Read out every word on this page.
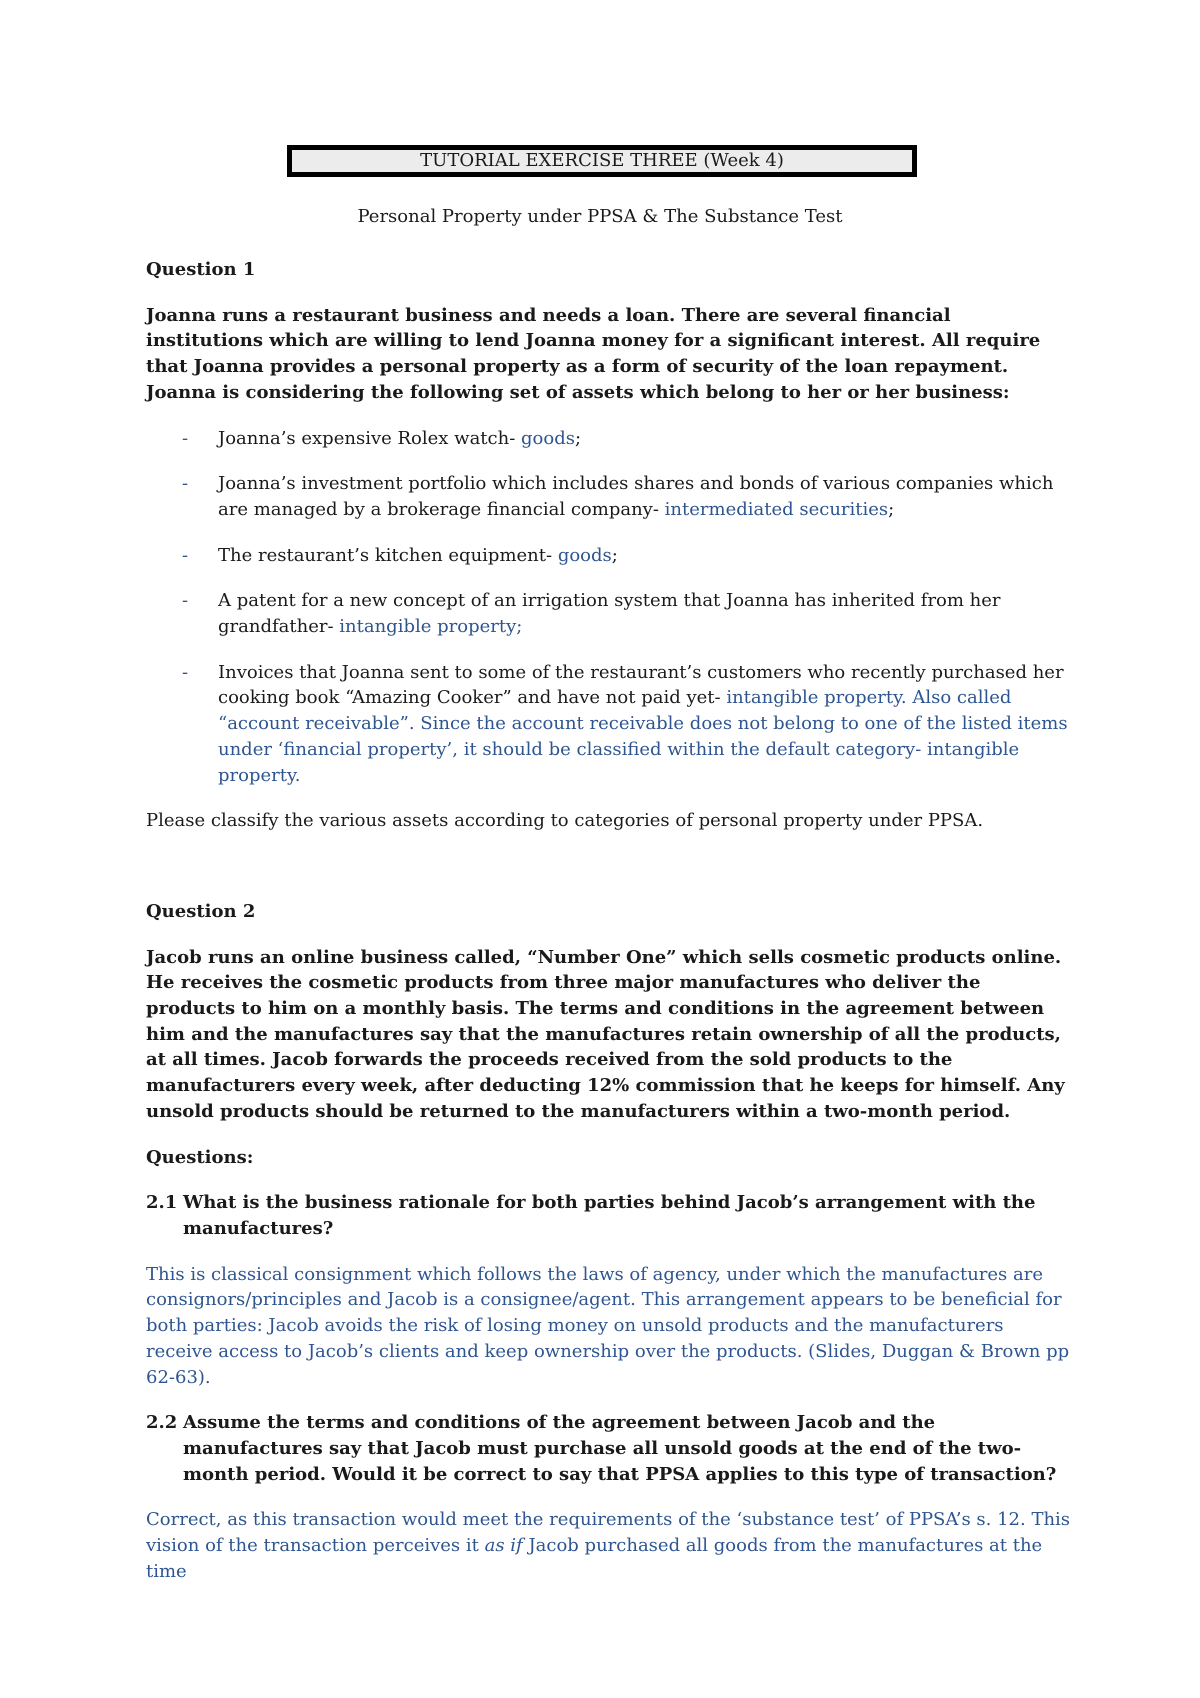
TUTORIAL EXERCISE THREE (Week 4)
Personal Property under PPSA & The Substance Test

Question 1

Joanna runs a restaurant business and needs a loan. There are several financial institutions which are willing to lend Joanna money for a significant interest. All require that Joanna provides a personal property as a form of security of the loan repayment. Joanna is considering the following set of assets which belong to her or her business:

- Joanna’s expensive Rolex watch- goods;
- Joanna’s investment portfolio which includes shares and bonds of various companies which are managed by a brokerage financial company- intermediated securities;
- The restaurant’s kitchen equipment- goods;
- A patent for a new concept of an irrigation system that Joanna has inherited from her grandfather- intangible property;
- Invoices that Joanna sent to some of the restaurant’s customers who recently purchased her cooking book “Amazing Cooker” and have not paid yet- intangible property. Also called “account receivable”. Since the account receivable does not belong to one of the listed items under ‘financial property’, it should be classified within the default category- intangible property.

Please classify the various assets according to categories of personal property under PPSA.

Question 2

Jacob runs an online business called, “Number One” which sells cosmetic products online. He receives the cosmetic products from three major manufactures who deliver the products to him on a monthly basis. The terms and conditions in the agreement between him and the manufactures say that the manufactures retain ownership of all the products, at all times. Jacob forwards the proceeds received from the sold products to the manufacturers every week, after deducting 12% commission that he keeps for himself. Any unsold products should be returned to the manufacturers within a two-month period.

Questions:

2.1 What is the business rationale for both parties behind Jacob’s arrangement with the manufactures?

This is classical consignment which follows the laws of agency, under which the manufactures are consignors/principles and Jacob is a consignee/agent. This arrangement appears to be beneficial for both parties: Jacob avoids the risk of losing money on unsold products and the manufacturers receive access to Jacob’s clients and keep ownership over the products. (Slides, Duggan & Brown pp 62-63).

2.2 Assume the terms and conditions of the agreement between Jacob and the manufactures say that Jacob must purchase all unsold goods at the end of the two-month period. Would it be correct to say that PPSA applies to this type of transaction?

Correct, as this transaction would meet the requirements of the ‘substance test’ of PPSA’s s. 12. This vision of the transaction perceives it as if Jacob purchased all goods from the manufactures at the time
